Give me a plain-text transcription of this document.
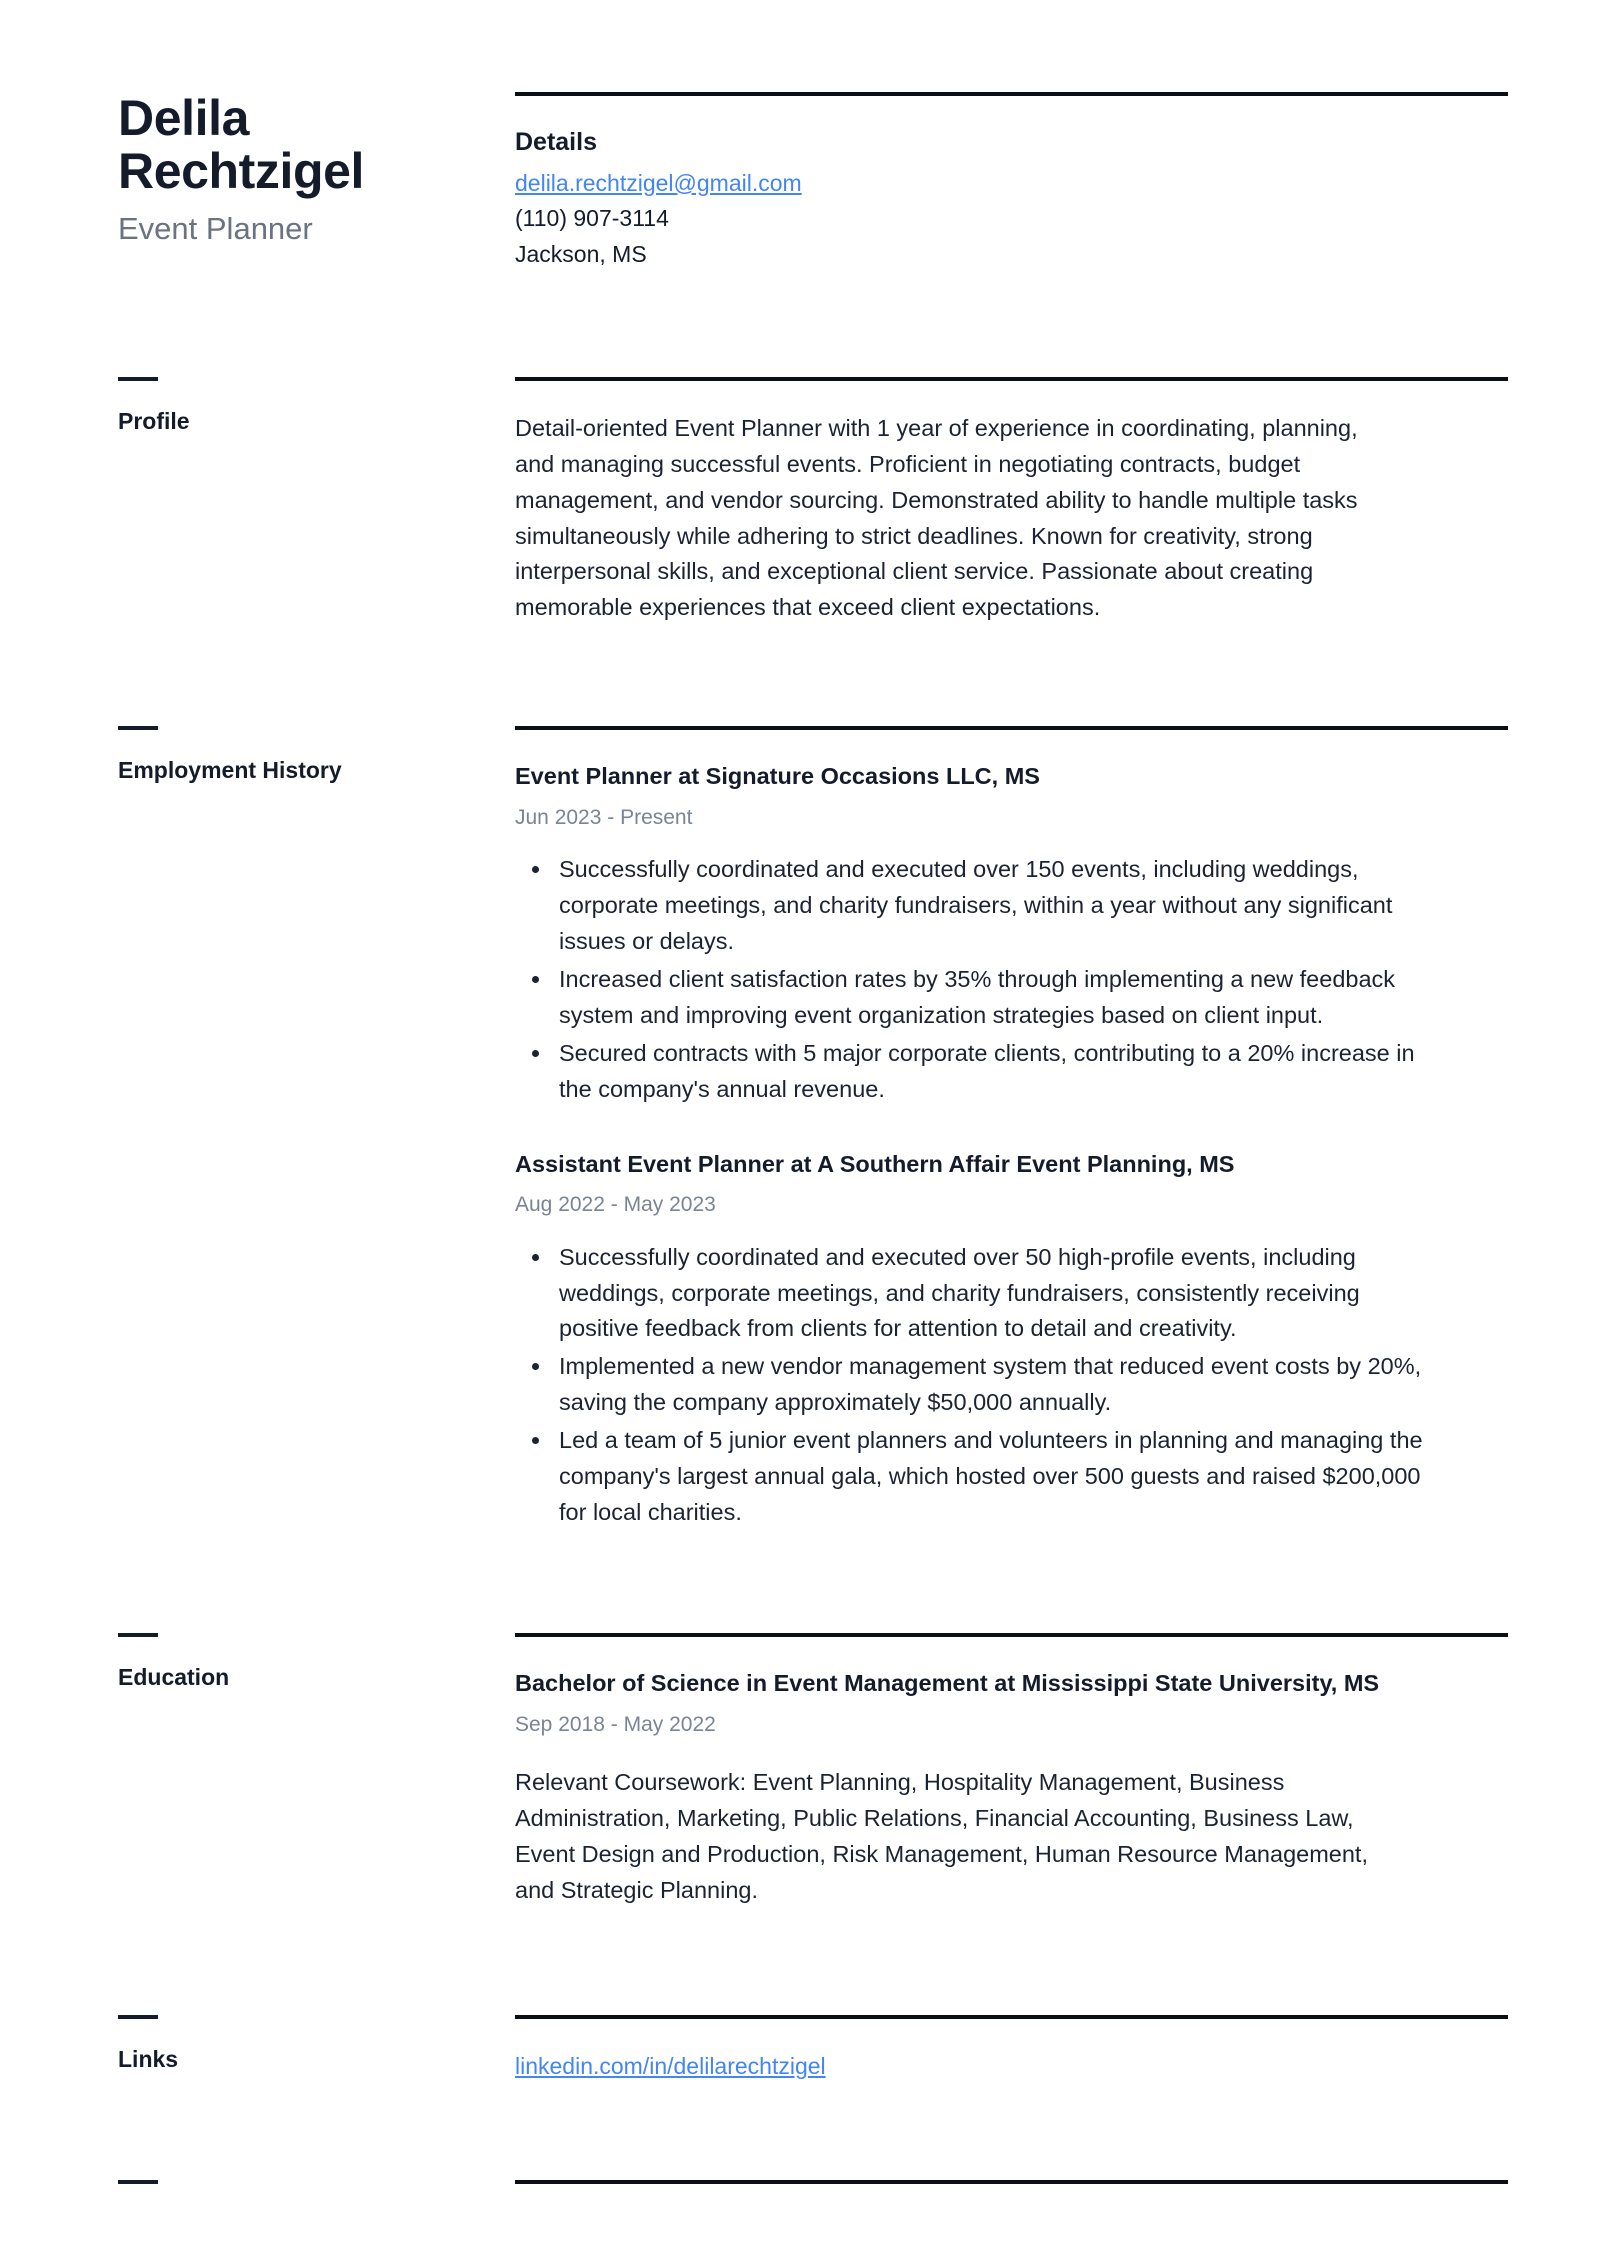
Delila Rechtzigel
Event Planner
Details
delila.rechtzigel@gmail.com
(110) 907-3114
Jackson, MS
Profile	Detail-oriented Event Planner with 1 year of experience in coordinating, planning, and managing successful events. Proficient in negotiating contracts, budget management, and vendor sourcing. Demonstrated ability to handle multiple tasks simultaneously while adhering to strict deadlines. Known for creativity, strong interpersonal skills, and exceptional client service. Passionate about creating memorable experiences that exceed client expectations.
Employment History	Event Planner at Signature Occasions LLC, MS
Jun 2023 - Present
• Successfully coordinated and executed over 150 events, including weddings, corporate meetings, and charity fundraisers, within a year without any significant issues or delays.
• Increased client satisfaction rates by 35% through implementing a new feedback system and improving event organization strategies based on client input.
• Secured contracts with 5 major corporate clients, contributing to a 20% increase in the company's annual revenue.
Assistant Event Planner at A Southern Affair Event Planning, MS
Aug 2022 - May 2023
• Successfully coordinated and executed over 50 high-profile events, including weddings, corporate meetings, and charity fundraisers, consistently receiving positive feedback from clients for attention to detail and creativity.
• Implemented a new vendor management system that reduced event costs by 20%, saving the company approximately $50,000 annually.
• Led a team of 5 junior event planners and volunteers in planning and managing the company's largest annual gala, which hosted over 500 guests and raised $200,000 for local charities.
Education	Bachelor of Science in Event Management at Mississippi State University, MS
Sep 2018 - May 2022
Relevant Coursework: Event Planning, Hospitality Management, Business Administration, Marketing, Public Relations, Financial Accounting, Business Law, Event Design and Production, Risk Management, Human Resource Management, and Strategic Planning.
Links	linkedin.com/in/delilarechtzigel
